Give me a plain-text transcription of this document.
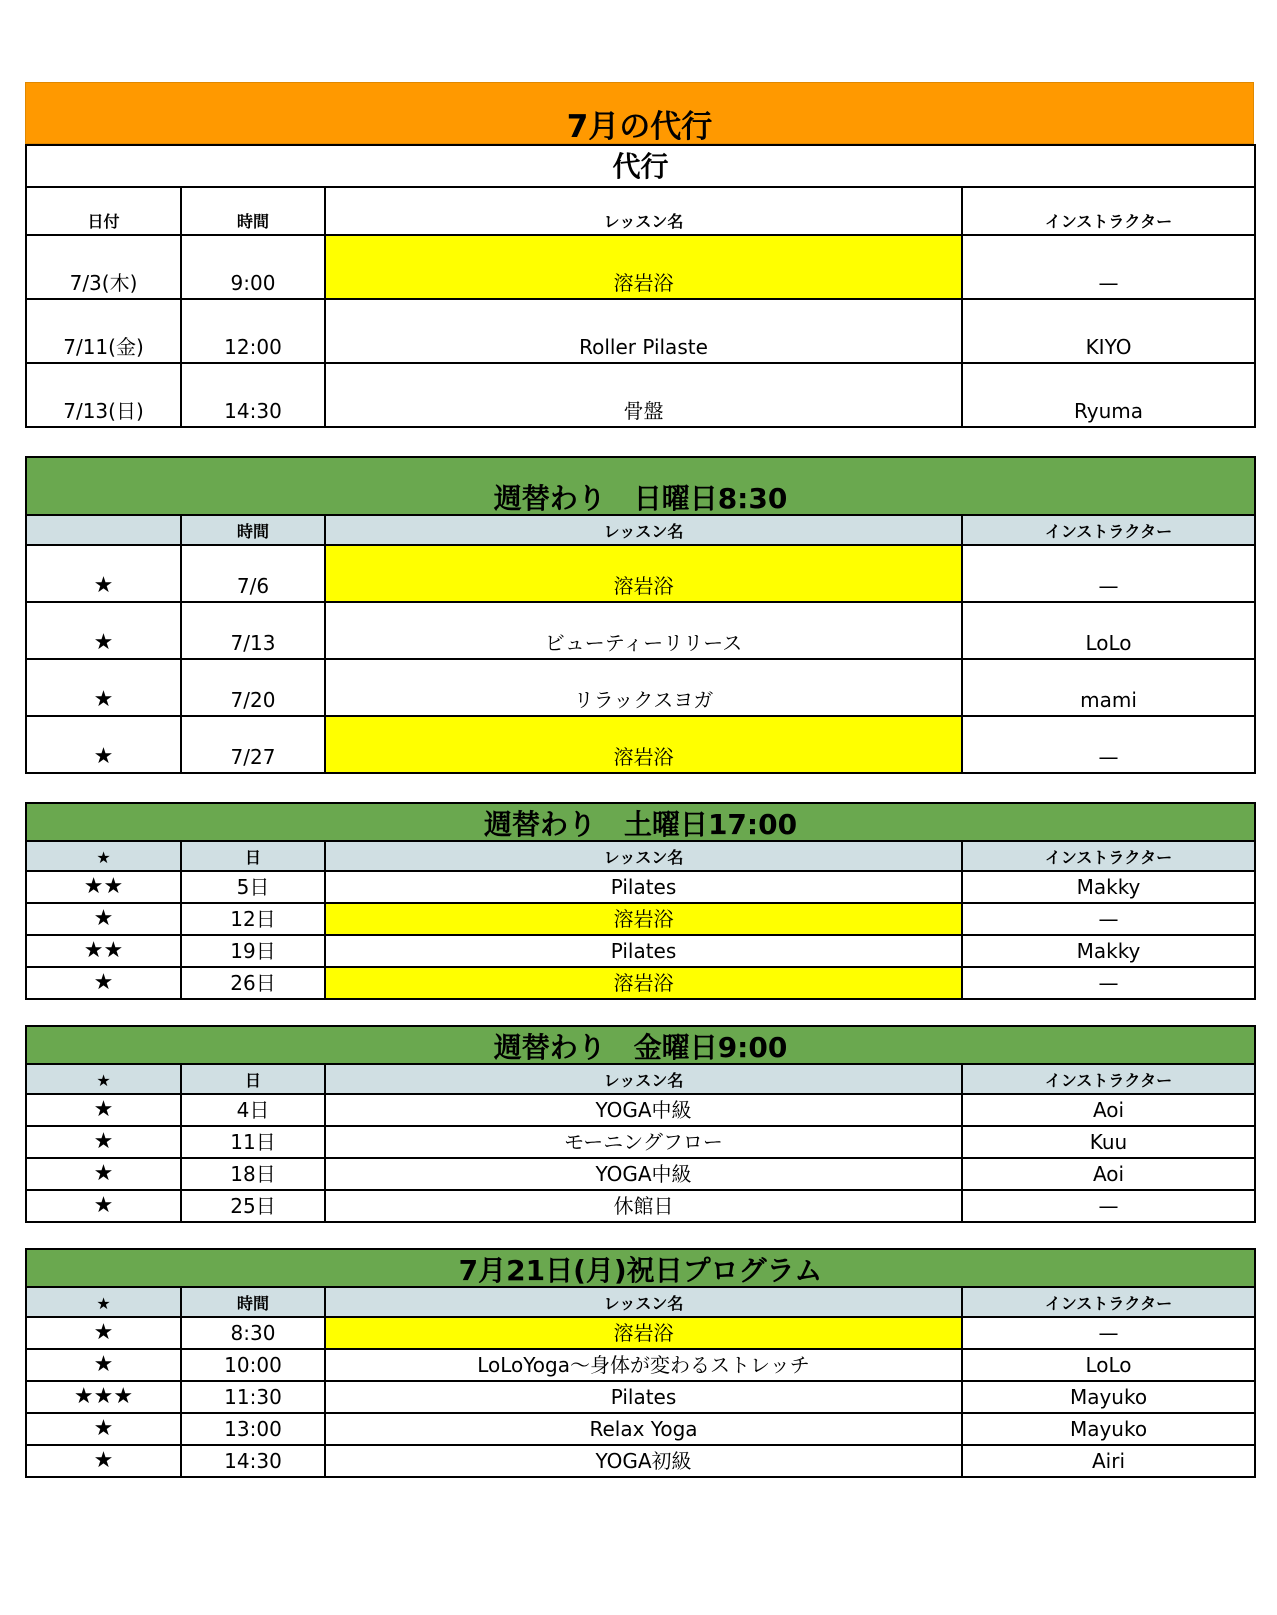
7月の代行
代行			
日付	時間	レッスン名	インストラクター
7/3(木)	9:00	溶岩浴	—
7/11(金)	12:00	Roller Pilaste	KIYO
7/13(日)	14:30	骨盤	Ryuma
週替わり　日曜日8:30			
	時間	レッスン名	インストラクター
★	7/6	溶岩浴	—
★	7/13	ビューティーリリース	LoLo
★	7/20	リラックスヨガ	mami
★	7/27	溶岩浴	—
週替わり　土曜日17:00			
★	日	レッスン名	インストラクター
★★	5日	Pilates	Makky
★	12日	溶岩浴	—
★★	19日	Pilates	Makky
★	26日	溶岩浴	—
週替わり　金曜日9:00			
★	日	レッスン名	インストラクター
★	4日	YOGA中級	Aoi
★	11日	モーニングフロー	Kuu
★	18日	YOGA中級	Aoi
★	25日	休館日	—
7月21日(月)祝日プログラム			
★	時間	レッスン名	インストラクター
★	8:30	溶岩浴	—
★	10:00	LoLoYoga～身体が変わるストレッチ	LoLo
★★★	11:30	Pilates	Mayuko
★	13:00	Relax Yoga	Mayuko
★	14:30	YOGA初級	Airi
